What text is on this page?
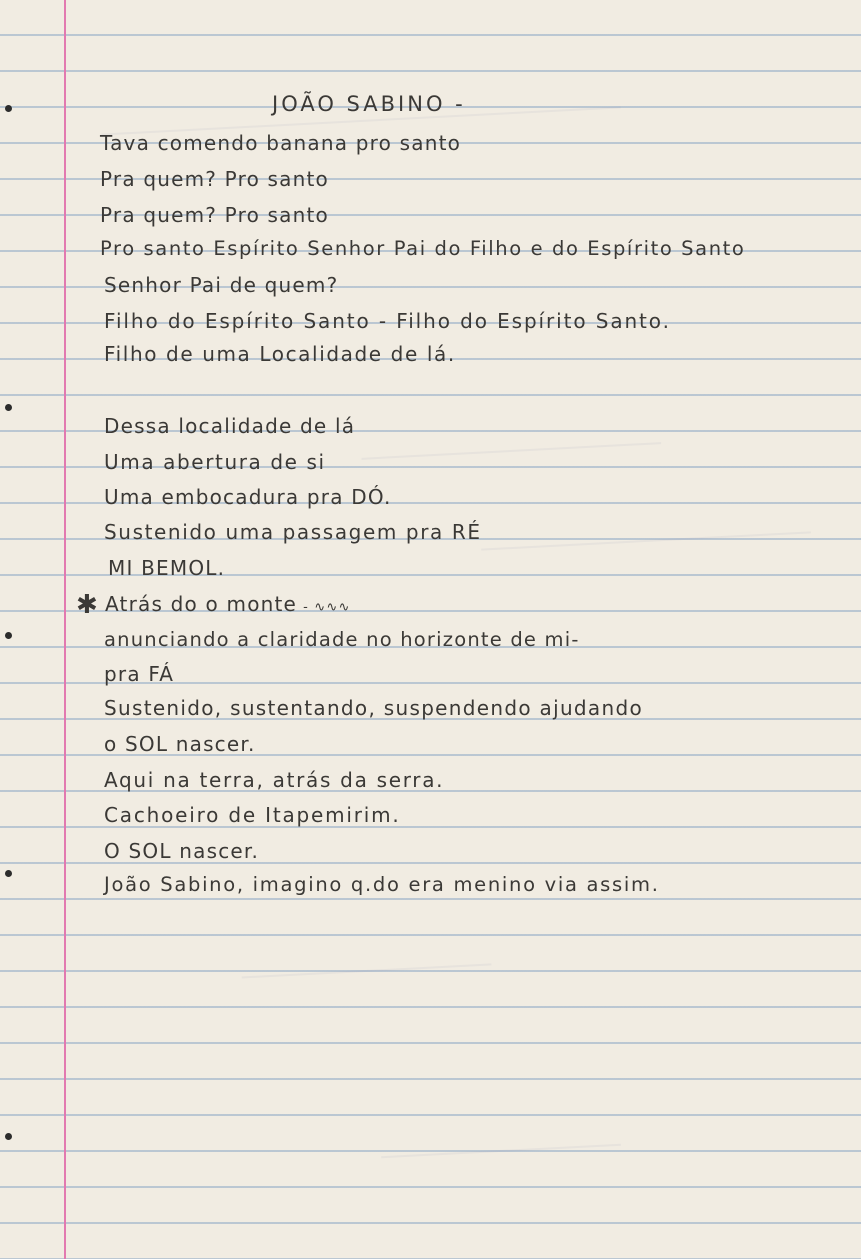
JOÃO SABINO -
Tava comendo banana pro santo
Pra quem? Pro santo
Pra quem? Pro santo
Pro santo Espírito Senhor Pai do Filho e do Espírito Santo
Senhor Pai de quem?
Filho do Espírito Santo - Filho do Espírito Santo.
Filho de uma Localidade de lá.
Dessa localidade de lá
Uma abertura de si
Uma embocadura pra DÓ.
Sustenido uma passagem pra RÉ
MI BEMOL.
✱ Atrás do o monte - ∿∿∿
anunciando a claridade no horizonte de mi-
pra FÁ
Sustenido, sustentando, suspendendo ajudando
o SOL nascer.
Aqui na terra, atrás da serra.
Cachoeiro de Itapemirim.
O SOL nascer.
João Sabino, imagino q.do era menino via assim.
